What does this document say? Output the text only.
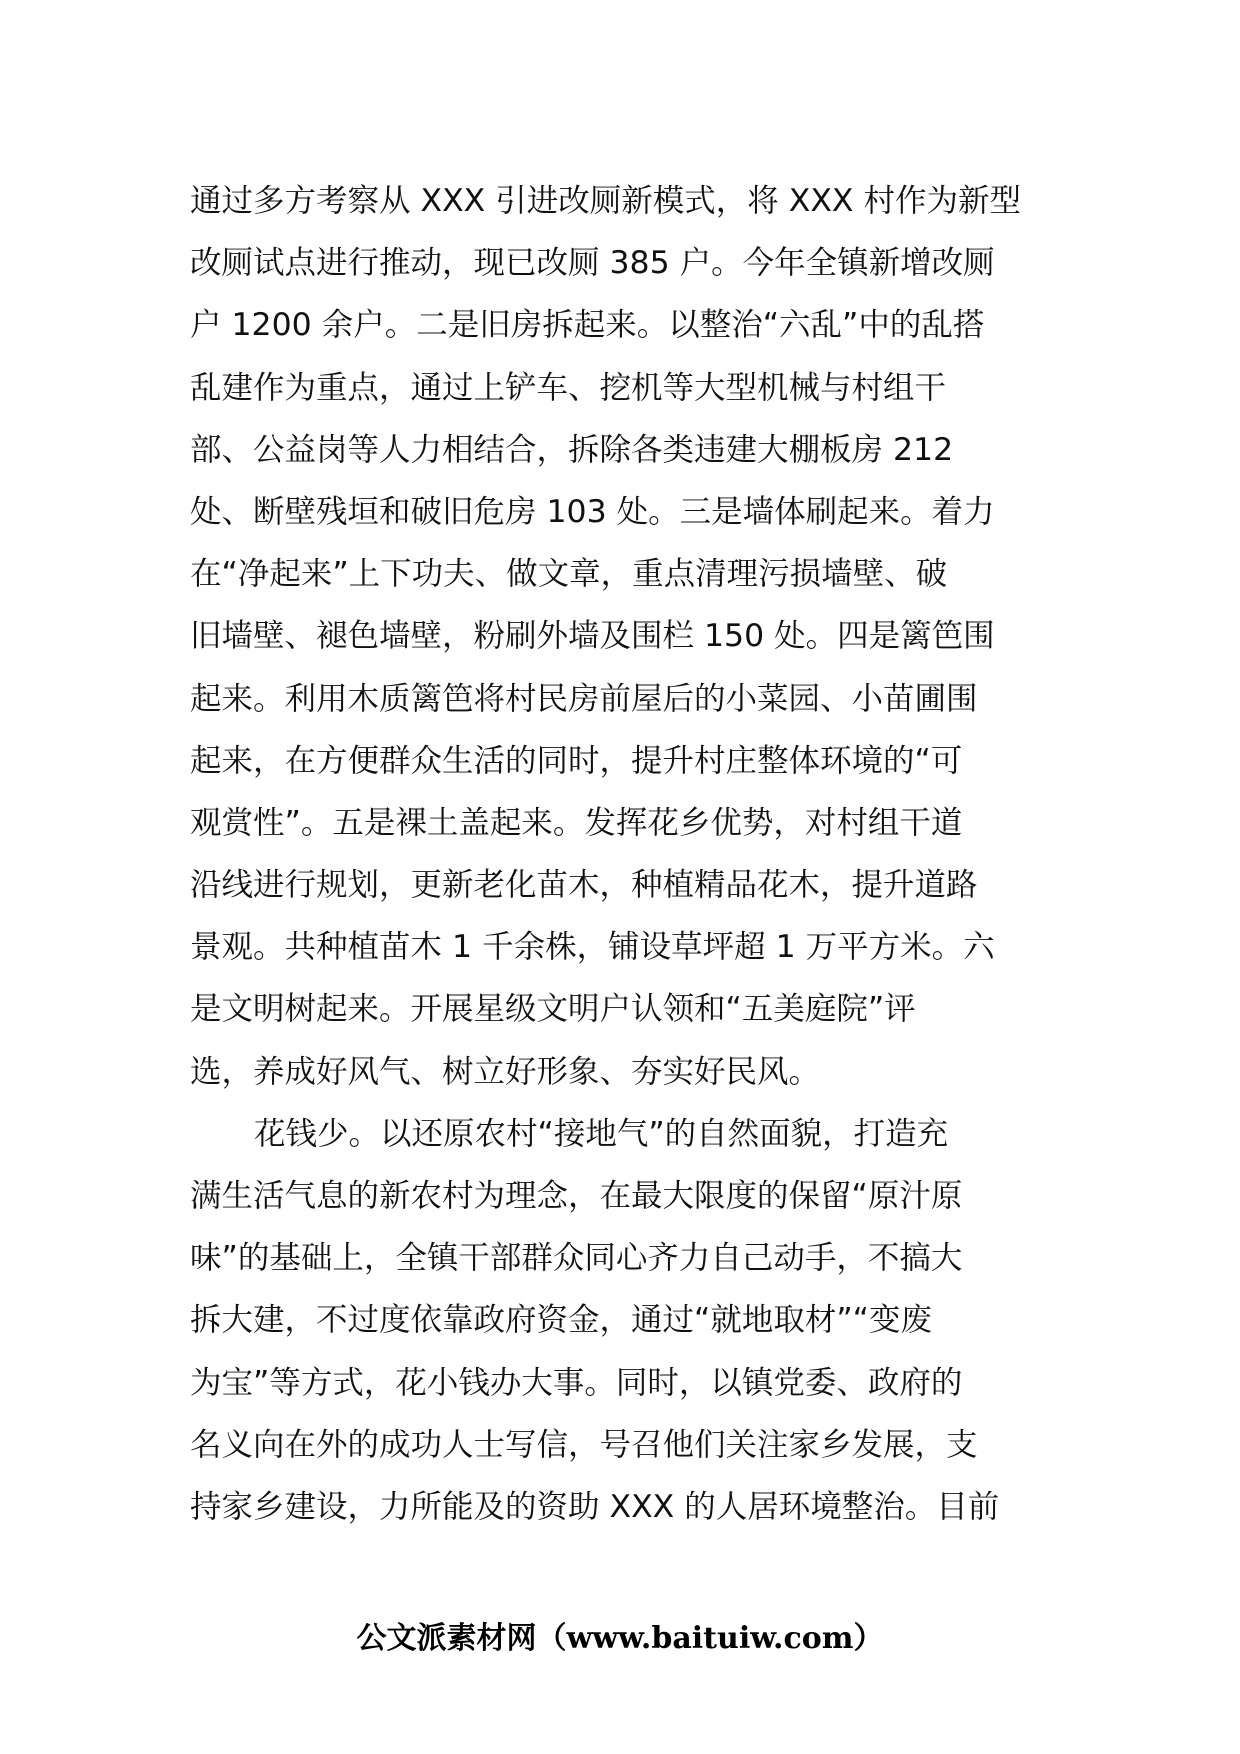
通过多方考察从 XXX 引进改厕新模式，将 XXX 村作为新型
改厕试点进行推动，现已改厕 385 户。今年全镇新增改厕
户 1200 余户。二是旧房拆起来。以整治“六乱”中的乱搭
乱建作为重点，通过上铲车、挖机等大型机械与村组干
部、公益岗等人力相结合，拆除各类违建大棚板房 212
处、断壁残垣和破旧危房 103 处。三是墙体刷起来。着力
在“净起来”上下功夫、做文章，重点清理污损墙壁、破
旧墙壁、褪色墙壁，粉刷外墙及围栏 150 处。四是篱笆围
起来。利用木质篱笆将村民房前屋后的小菜园、小苗圃围
起来，在方便群众生活的同时，提升村庄整体环境的“可
观赏性”。五是裸土盖起来。发挥花乡优势，对村组干道
沿线进行规划，更新老化苗木，种植精品花木，提升道路
景观。共种植苗木 1 千余株，铺设草坪超 1 万平方米。六
是文明树起来。开展星级文明户认领和“五美庭院”评
选，养成好风气、树立好形象、夯实好民风。

花钱少。以还原农村“接地气”的自然面貌，打造充
满生活气息的新农村为理念，在最大限度的保留“原汁原
味”的基础上，全镇干部群众同心齐力自己动手，不搞大
拆大建，不过度依靠政府资金，通过“就地取材”“变废
为宝”等方式，花小钱办大事。同时，以镇党委、政府的
名义向在外的成功人士写信，号召他们关注家乡发展，支
持家乡建设，力所能及的资助 XXX 的人居环境整治。目前

公文派素材网（www.baituiw.com）
